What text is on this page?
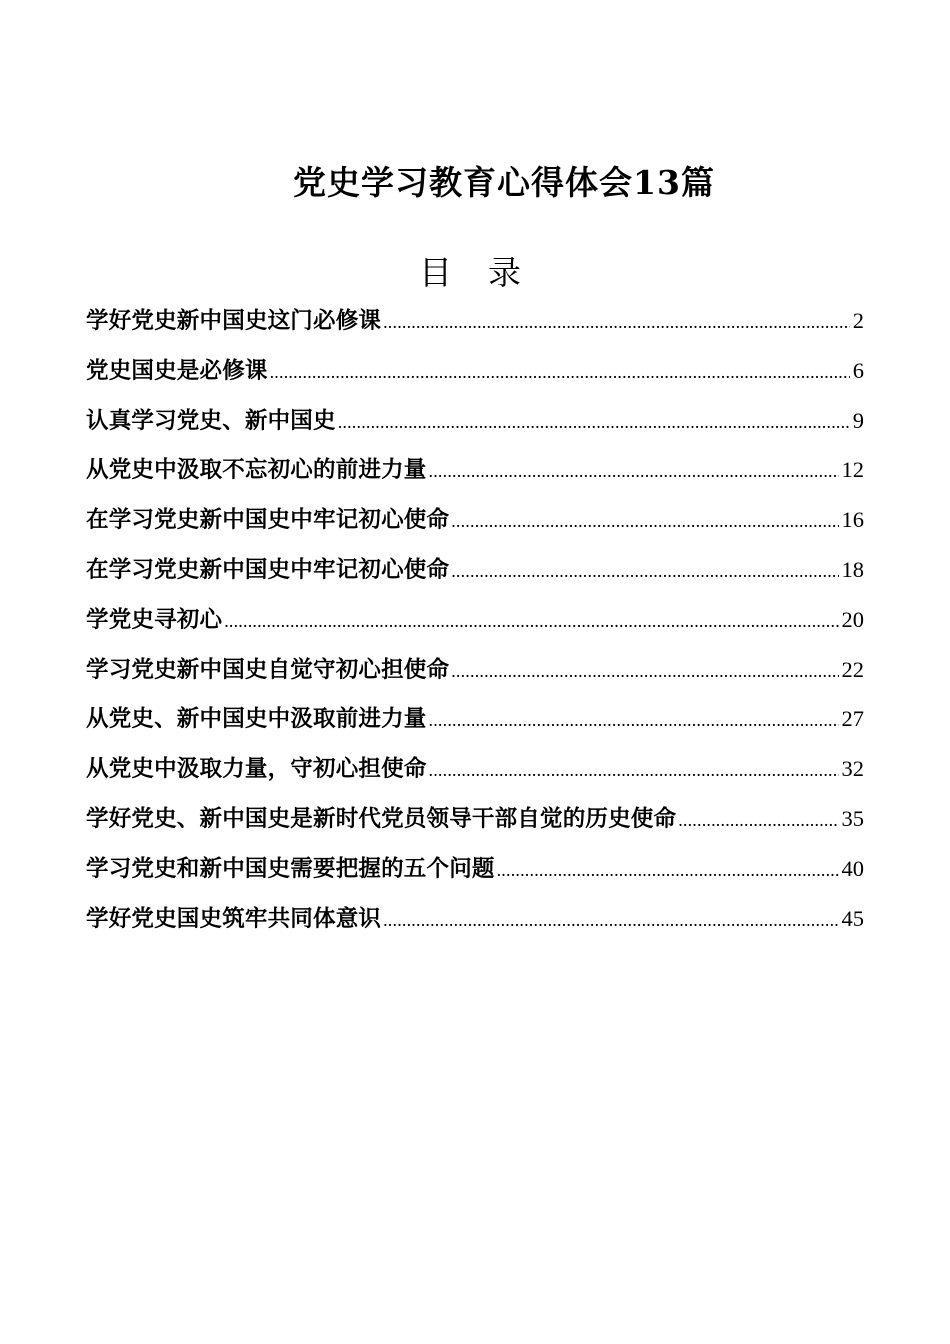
党史学习教育心得体会13篇
目 录
学好党史新中国史这门必修课 .....	2
党史国史是必修课 .....	6
认真学习党史、新中国史 .....	9
从党史中汲取不忘初心的前进力量 .....	12
在学习党史新中国史中牢记初心使命 .....	16
在学习党史新中国史中牢记初心使命 .....	18
学党史寻初心 .....	20
学习党史新中国史自觉守初心担使命 .....	22
从党史、新中国史中汲取前进力量 .....	27
从党史中汲取力量，守初心担使命 .....	32
学好党史、新中国史是新时代党员领导干部自觉的历史使命 .....	35
学习党史和新中国史需要把握的五个问题 .....	40
学好党史国史筑牢共同体意识 .....	45
